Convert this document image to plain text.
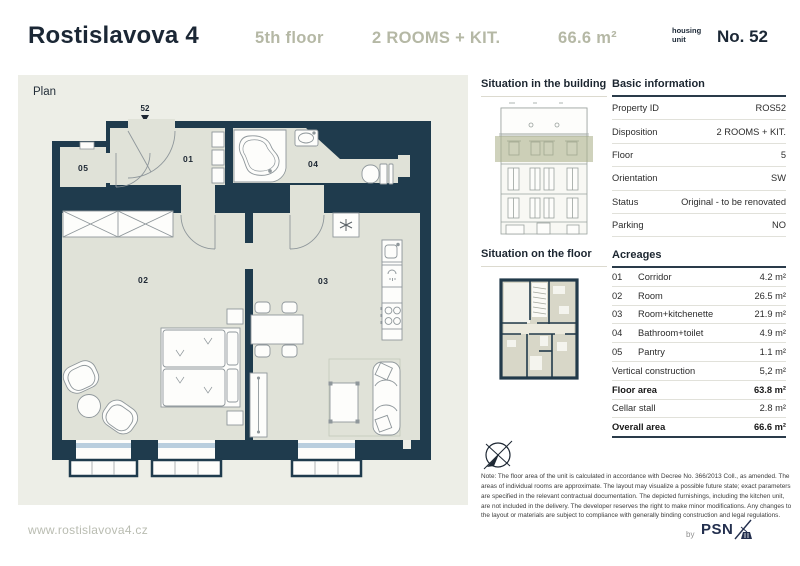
Rostislavova 4	5th floor	2 ROOMS + KIT.	66.6 m²	housing
unit	No. 52
Plan
52
01
02	03
04
05
Situation in the building
Situation on the floor
Basic information
Property ID	ROS52
Disposition	2 ROOMS + KIT.
Floor	5
Orientation	SW
Status	Original - to be renovated
Parking	NO
Acreages
01	Corridor	4.2 m²
02	Room	26.5 m²
03	Room+kitchenette	21.9 m²
04	Bathroom+toilet	4.9 m²
05	Pantry	1.1 m²
Vertical construction	5,2 m²
Floor area	63.8 m²
Cellar stall	2.8 m²
Overall area	66.6 m²
Note: The floor area of the unit is calculated in accordance with Decree No. 366/2013 Coll., as amended. The areas of individual rooms are approximate. The layout may visualize a possible future state; exact parameters are specified in the relevant contractual documentation. The depicted furnishings, including the kitchen unit, are not included in the delivery. The developer reserves the right to make minor modifications. Any changes to the layout or materials are subject to compliance with generally binding construction and legal regulations.
www.rostislavova4.cz	by PSN
